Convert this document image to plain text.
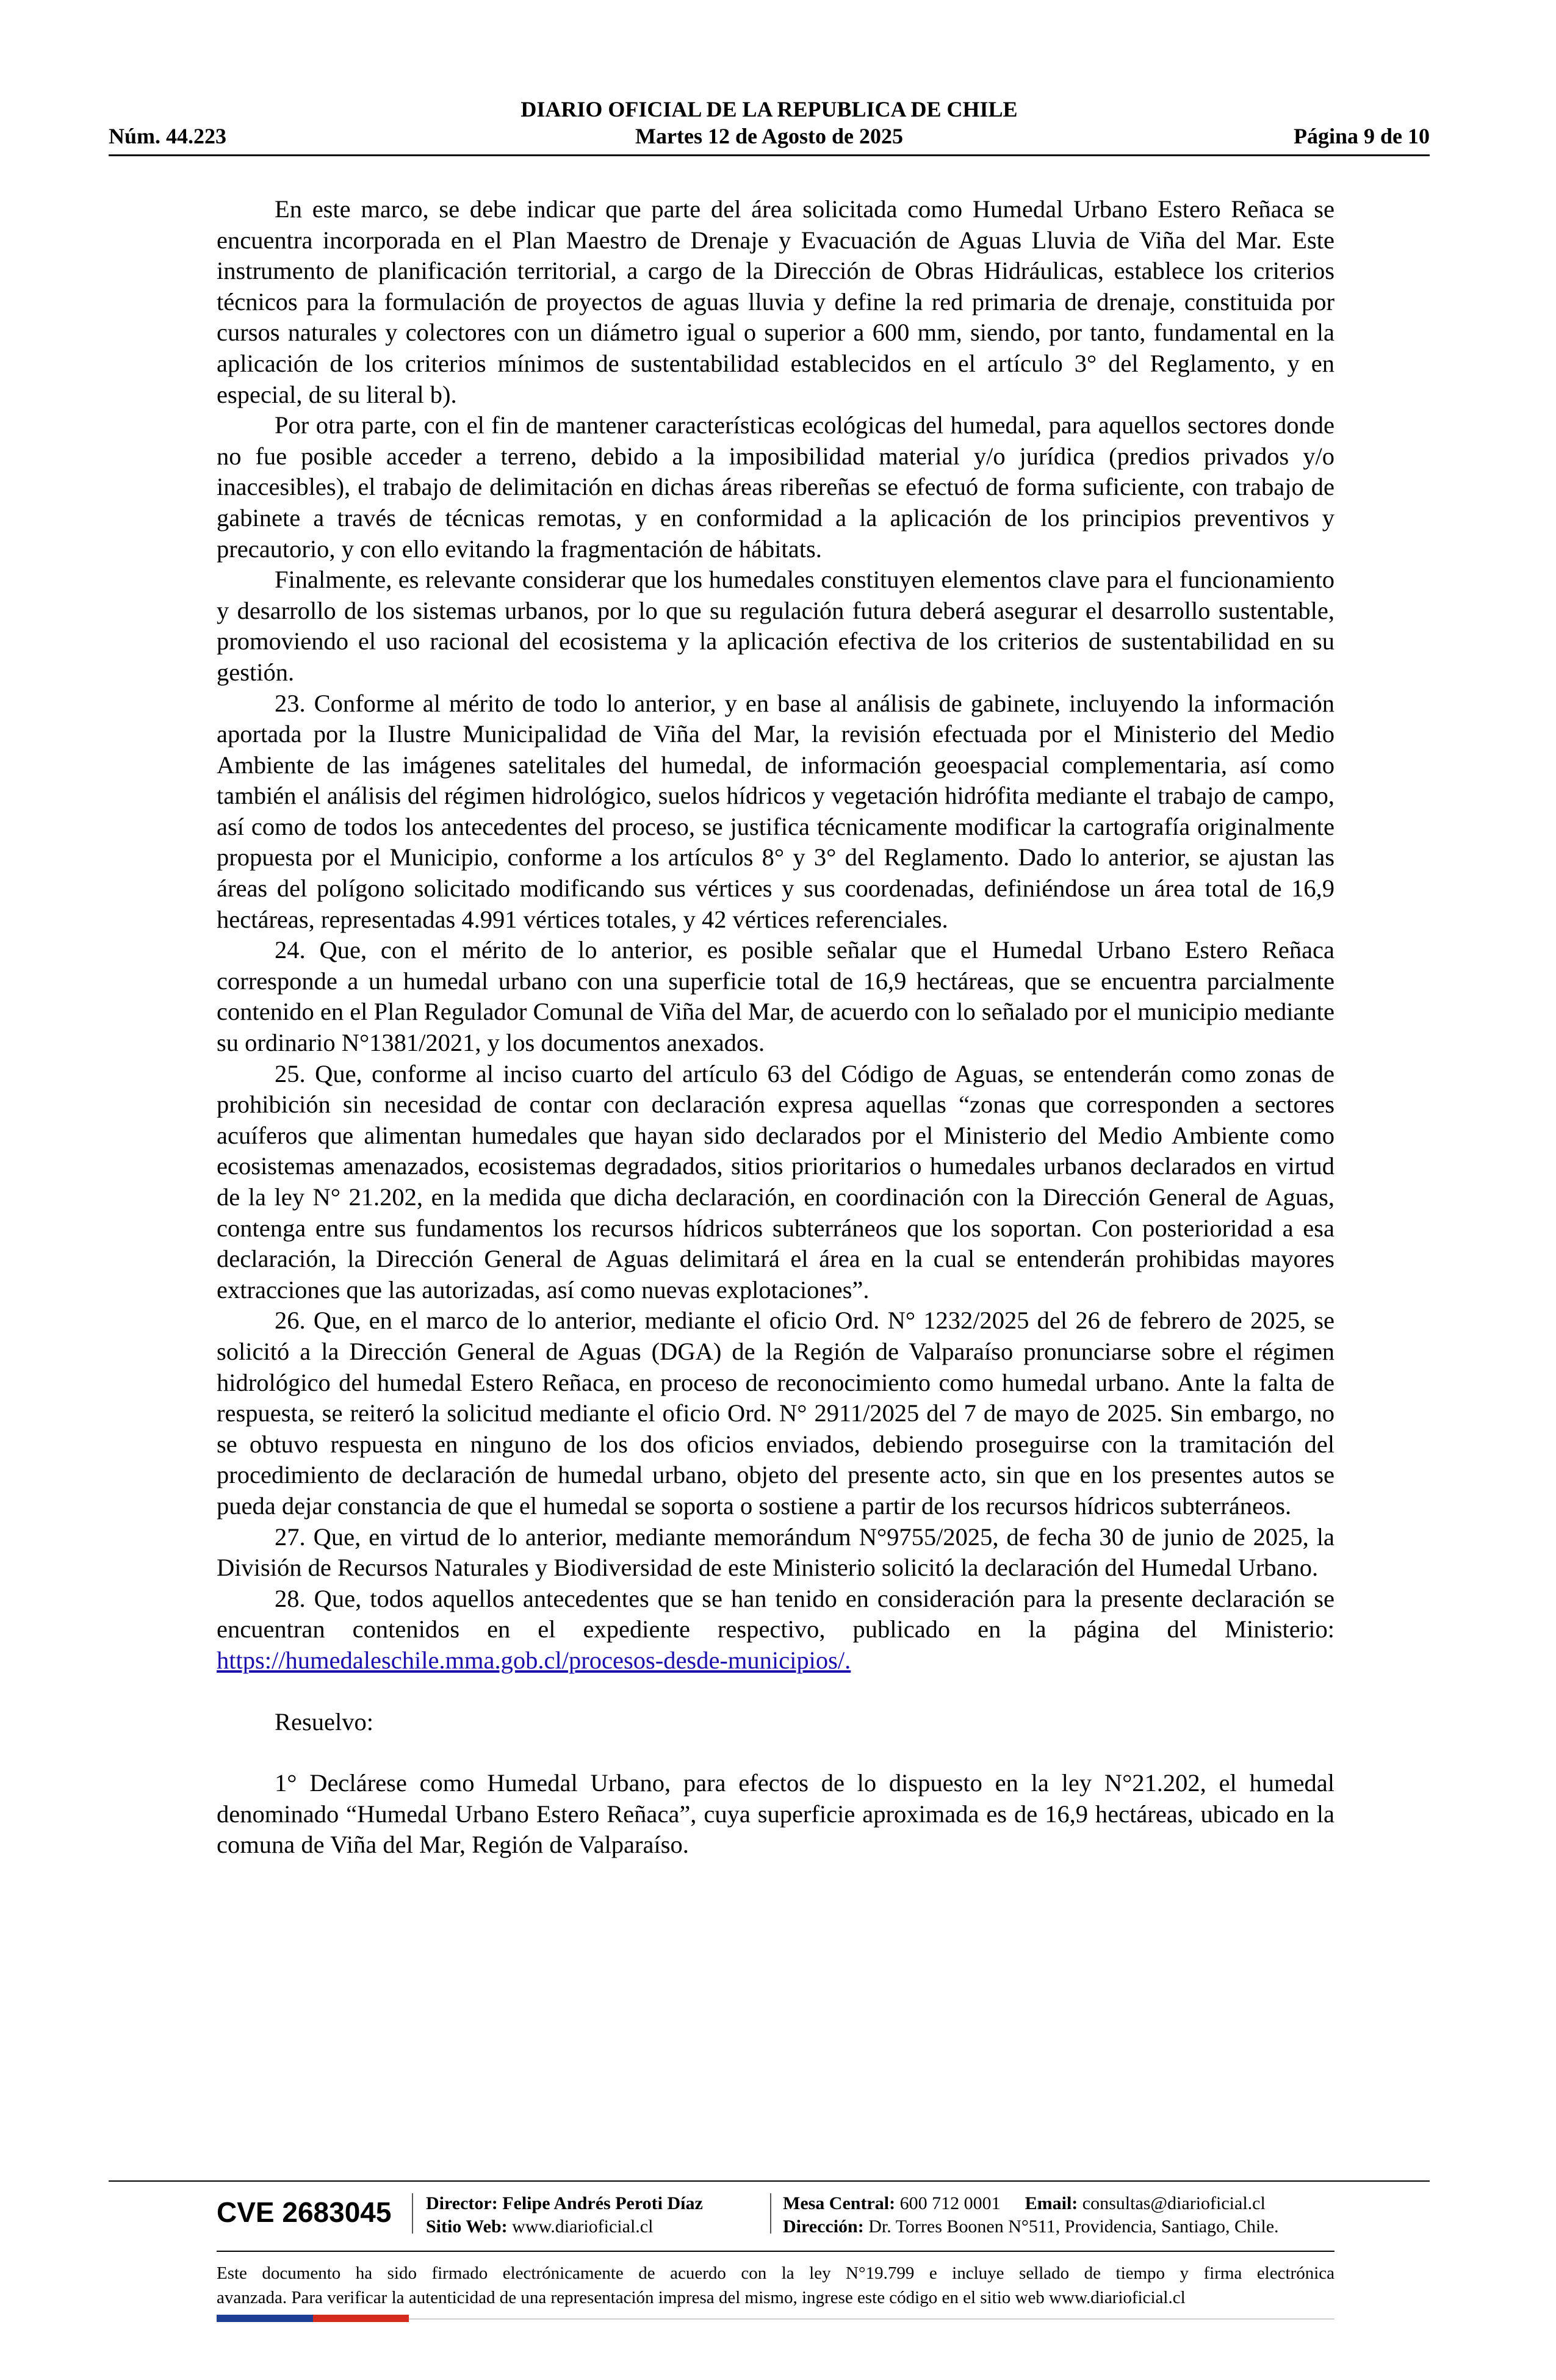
DIARIO OFICIAL DE LA REPUBLICA DE CHILE
Núm. 44.223	Martes 12 de Agosto de 2025	Página 9 de 10

En este marco, se debe indicar que parte del área solicitada como Humedal Urbano Estero Reñaca se encuentra incorporada en el Plan Maestro de Drenaje y Evacuación de Aguas Lluvia de Viña del Mar. Este instrumento de planificación territorial, a cargo de la Dirección de Obras Hidráulicas, establece los criterios técnicos para la formulación de proyectos de aguas lluvia y define la red primaria de drenaje, constituida por cursos naturales y colectores con un diámetro igual o superior a 600 mm, siendo, por tanto, fundamental en la aplicación de los criterios mínimos de sustentabilidad establecidos en el artículo 3° del Reglamento, y en especial, de su literal b).

Por otra parte, con el fin de mantener características ecológicas del humedal, para aquellos sectores donde no fue posible acceder a terreno, debido a la imposibilidad material y/o jurídica (predios privados y/o inaccesibles), el trabajo de delimitación en dichas áreas ribereñas se efectuó de forma suficiente, con trabajo de gabinete a través de técnicas remotas, y en conformidad a la aplicación de los principios preventivos y precautorio, y con ello evitando la fragmentación de hábitats.

Finalmente, es relevante considerar que los humedales constituyen elementos clave para el funcionamiento y desarrollo de los sistemas urbanos, por lo que su regulación futura deberá asegurar el desarrollo sustentable, promoviendo el uso racional del ecosistema y la aplicación efectiva de los criterios de sustentabilidad en su gestión.

23. Conforme al mérito de todo lo anterior, y en base al análisis de gabinete, incluyendo la información aportada por la Ilustre Municipalidad de Viña del Mar, la revisión efectuada por el Ministerio del Medio Ambiente de las imágenes satelitales del humedal, de información geoespacial complementaria, así como también el análisis del régimen hidrológico, suelos hídricos y vegetación hidrófita mediante el trabajo de campo, así como de todos los antecedentes del proceso, se justifica técnicamente modificar la cartografía originalmente propuesta por el Municipio, conforme a los artículos 8° y 3° del Reglamento. Dado lo anterior, se ajustan las áreas del polígono solicitado modificando sus vértices y sus coordenadas, definiéndose un área total de 16,9 hectáreas, representadas 4.991 vértices totales, y 42 vértices referenciales.

24. Que, con el mérito de lo anterior, es posible señalar que el Humedal Urbano Estero Reñaca corresponde a un humedal urbano con una superficie total de 16,9 hectáreas, que se encuentra parcialmente contenido en el Plan Regulador Comunal de Viña del Mar, de acuerdo con lo señalado por el municipio mediante su ordinario N°1381/2021, y los documentos anexados.

25. Que, conforme al inciso cuarto del artículo 63 del Código de Aguas, se entenderán como zonas de prohibición sin necesidad de contar con declaración expresa aquellas “zonas que corresponden a sectores acuíferos que alimentan humedales que hayan sido declarados por el Ministerio del Medio Ambiente como ecosistemas amenazados, ecosistemas degradados, sitios prioritarios o humedales urbanos declarados en virtud de la ley N° 21.202, en la medida que dicha declaración, en coordinación con la Dirección General de Aguas, contenga entre sus fundamentos los recursos hídricos subterráneos que los soportan. Con posterioridad a esa declaración, la Dirección General de Aguas delimitará el área en la cual se entenderán prohibidas mayores extracciones que las autorizadas, así como nuevas explotaciones”.

26. Que, en el marco de lo anterior, mediante el oficio Ord. N° 1232/2025 del 26 de febrero de 2025, se solicitó a la Dirección General de Aguas (DGA) de la Región de Valparaíso pronunciarse sobre el régimen hidrológico del humedal Estero Reñaca, en proceso de reconocimiento como humedal urbano. Ante la falta de respuesta, se reiteró la solicitud mediante el oficio Ord. N° 2911/2025 del 7 de mayo de 2025. Sin embargo, no se obtuvo respuesta en ninguno de los dos oficios enviados, debiendo proseguirse con la tramitación del procedimiento de declaración de humedal urbano, objeto del presente acto, sin que en los presentes autos se pueda dejar constancia de que el humedal se soporta o sostiene a partir de los recursos hídricos subterráneos.

27. Que, en virtud de lo anterior, mediante memorándum N°9755/2025, de fecha 30 de junio de 2025, la División de Recursos Naturales y Biodiversidad de este Ministerio solicitó la declaración del Humedal Urbano.

28. Que, todos aquellos antecedentes que se han tenido en consideración para la presente declaración se encuentran contenidos en el expediente respectivo, publicado en la página del Ministerio: https://humedaleschile.mma.gob.cl/procesos-desde-municipios/.

Resuelvo:

1° Declárese como Humedal Urbano, para efectos de lo dispuesto en la ley N°21.202, el humedal denominado “Humedal Urbano Estero Reñaca”, cuya superficie aproximada es de 16,9 hectáreas, ubicado en la comuna de Viña del Mar, Región de Valparaíso.

CVE 2683045 Director: Felipe Andrés Peroti Díaz
Sitio Web: www.diarioficial.cl
Mesa Central: 600 712 0001 Email: consultas@diarioficial.cl
Dirección: Dr. Torres Boonen N°511, Providencia, Santiago, Chile.
Este documento ha sido firmado electrónicamente de acuerdo con la ley N°19.799 e incluye sellado de tiempo y firma electrónica
avanzada. Para verificar la autenticidad de una representación impresa del mismo, ingrese este código en el sitio web www.diarioficial.cl
